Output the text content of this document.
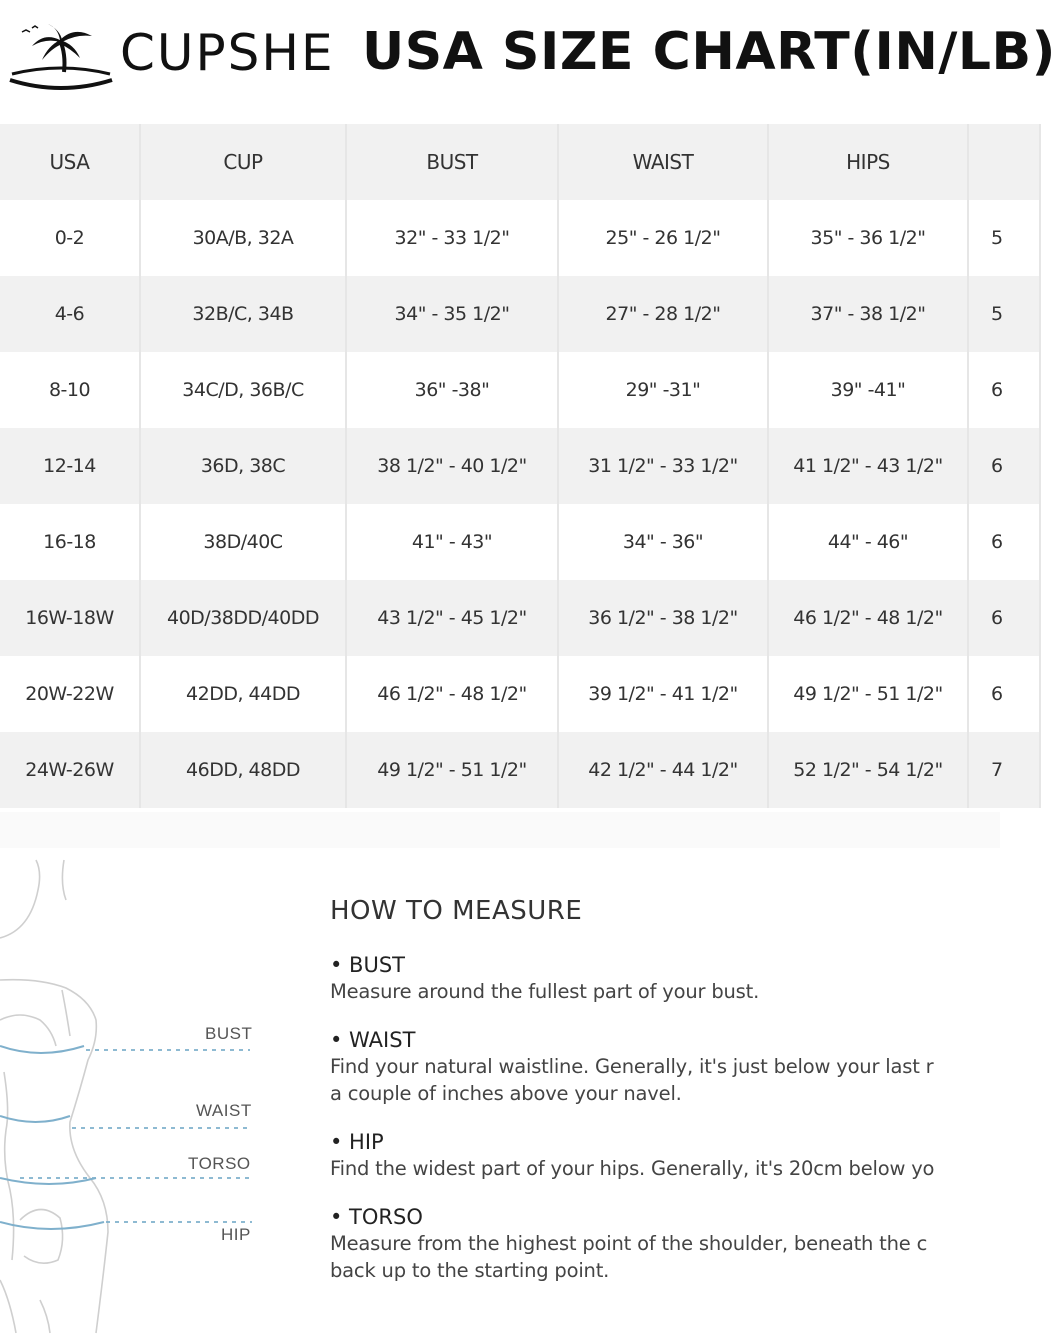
CUPSHE USA SIZE CHART(IN/LB)
USA	CUP	BUST	WAIST	HIPS	
0-2	30A/B, 32A	32" - 33 1/2"	25" - 26 1/2"	35" - 36 1/2"	5
4-6	32B/C, 34B	34" - 35 1/2"	27" - 28 1/2"	37" - 38 1/2"	5
8-10	34C/D, 36B/C	36" -38"	29" -31"	39" -41"	6
12-14	36D, 38C	38 1/2" - 40 1/2"	31 1/2" - 33 1/2"	41 1/2" - 43 1/2"	6
16-18	38D/40C	41" - 43"	34" - 36"	44" - 46"	6
16W-18W	40D/38DD/40DD	43 1/2" - 45 1/2"	36 1/2" - 38 1/2"	46 1/2" - 48 1/2"	6
20W-22W	42DD, 44DD	46 1/2" - 48 1/2"	39 1/2" - 41 1/2"	49 1/2" - 51 1/2"	6
24W-26W	46DD, 48DD	49 1/2" - 51 1/2"	42 1/2" - 44 1/2"	52 1/2" - 54 1/2"	7
BUST
WAIST
TORSO
HIP
HOW TO MEASURE
• BUST
Measure around the fullest part of your bust.
• WAIST
Find your natural waistline. Generally, it's just below your last r
a couple of inches above your navel.
• HIP
Find the widest part of your hips. Generally, it's 20cm below yo
• TORSO
Measure from the highest point of the shoulder, beneath the c
back up to the starting point.
